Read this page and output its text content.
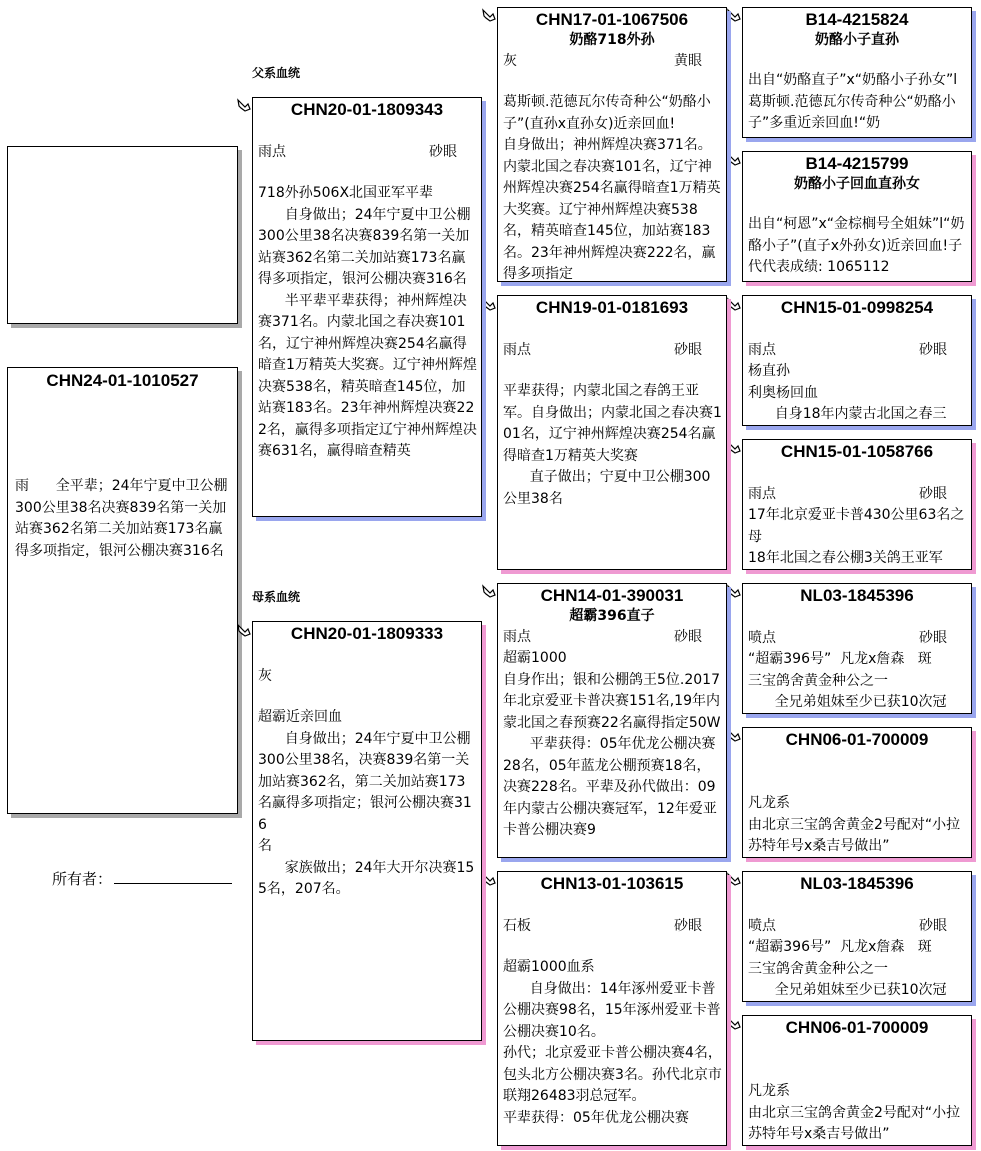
CHN24-01-1010527
雨      全平辈；24年宁夏中卫公棚300公里38名决赛839名第一关加站赛362名第二关加站赛173名赢得多项指定，银河公棚决赛316名
父系血统
母系血统
所有者：
CHN20-01-1809343
雨点	砂眼
718外孙506X北国亚军平辈
自身做出；24年宁夏中卫公棚300公里38名决赛839名第一关加站赛362名第二关加站赛173名赢得多项指定，银河公棚决赛316名
半平辈平辈获得；神州辉煌决赛371名。内蒙北国之春决赛101名，辽宁神州辉煌决赛254名赢得暗查1万精英大奖赛。辽宁神州辉煌决赛538名，精英暗查145位，加站赛183名。23年神州辉煌决赛222名，赢得多项指定辽宁神州辉煌决赛631名，赢得暗查精英
CHN20-01-1809333
灰
超霸近亲回血
自身做出；24年宁夏中卫公棚300公里38名，决赛839名第一关加站赛362名，第二关加站赛173名赢得多项指定；银河公棚决赛316
名
家族做出；24年大开尔决赛155名，207名。
CHN17-01-1067506
奶酪718外孙
灰	黄眼
葛斯顿.范德瓦尔传奇种公“奶酪小子”(直孙x直孙女)近亲回血!
自身做出；神州辉煌决赛371名。内蒙北国之春决赛101名，辽宁神州辉煌决赛254名赢得暗查1万精英大奖赛。辽宁神州辉煌决赛538名，精英暗查145位，加站赛183名。23年神州辉煌决赛222名，赢得多项指定
CHN19-01-0181693
雨点	砂眼
平辈获得；内蒙北国之春鸽王亚军。自身做出；内蒙北国之春决赛101名，辽宁神州辉煌决赛254名赢得暗查1万精英大奖赛
直子做出；宁夏中卫公棚300公里38名
CHN14-01-390031
超霸396直子
雨点	砂眼
超霸1000
自身作出；银和公棚鸽王5位.2017年北京爱亚卡普决赛151名,19年内蒙北国之春预赛22名赢得指定50W
平辈获得：05年优龙公棚决赛28名，05年蓝龙公棚预赛18名，决赛228名。平辈及孙代做出：09年内蒙古公棚决赛冠军，12年爱亚卡普公棚决赛9
CHN13-01-103615
石板	砂眼
超霸1000血系
自身做出：14年涿州爱亚卡普公棚决赛98名，15年涿州爱亚卡普公棚决赛10名。
孙代；北京爱亚卡普公棚决赛4名，包头北方公棚决赛3名。孙代北京市联翔26483羽总冠军。
平辈获得：05年优龙公棚决赛
B14-4215824
奶酪小子直孙
出自“奶酪直子”x“奶酪小子孙女”l葛斯顿.范德瓦尔传奇种公“奶酪小子”多重近亲回血!“奶
B14-4215799
奶酪小子回血直孙女
出自“柯恩”x“金棕榈号全姐妹”l“奶酪小子”(直子x外孙女)近亲回血!子代代表成绩: 1065112
CHN15-01-0998254
雨点	砂眼
杨直孙
利奥杨回血
自身18年内蒙古北国之春三
CHN15-01-1058766
雨点	砂眼
17年北京爱亚卡普430公里63名之母
18年北国之春公棚3关鸽王亚军
NL03-1845396
喷点	砂眼
“超霸396号”  凡龙x詹森   斑
三宝鸽舍黄金种公之一
全兄弟姐妹至少已获10次冠
CHN06-01-700009
凡龙系
由北京三宝鸽舍黄金2号配对“小拉苏特年号x桑吉号做出”
NL03-1845396
喷点	砂眼
“超霸396号”  凡龙x詹森   斑
三宝鸽舍黄金种公之一
全兄弟姐妹至少已获10次冠
CHN06-01-700009
凡龙系
由北京三宝鸽舍黄金2号配对“小拉苏特年号x桑吉号做出”
